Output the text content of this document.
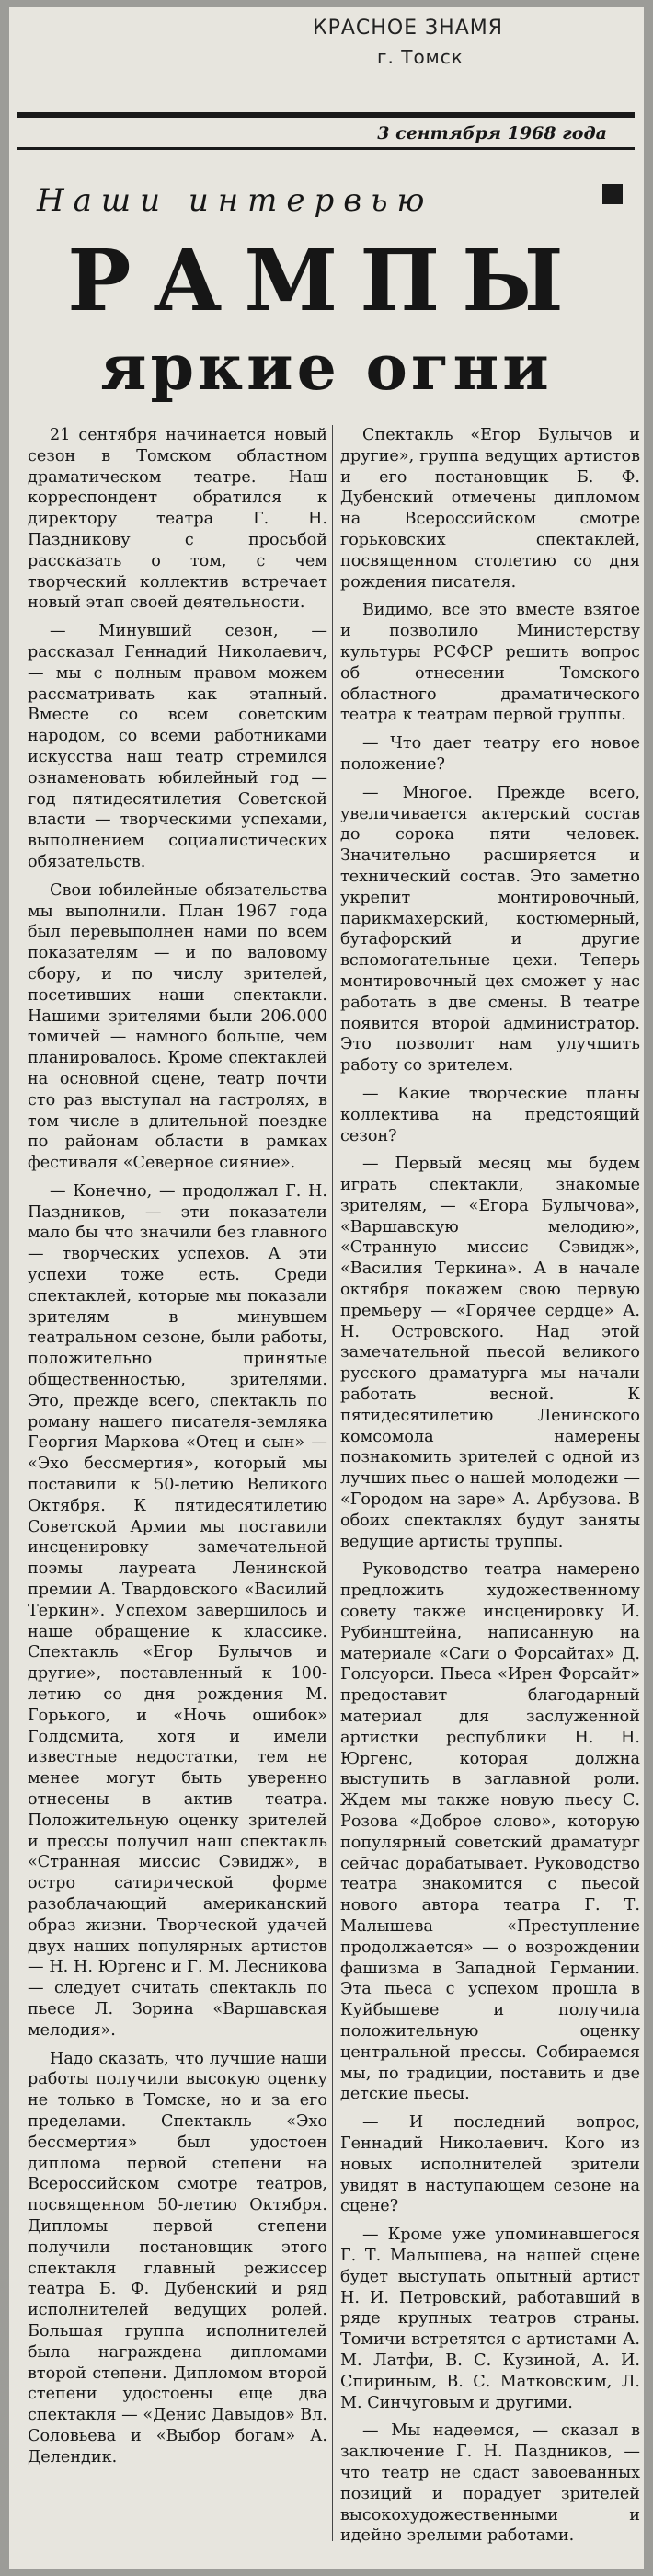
КРАСНОЕ ЗНАМЯ
г. Томск
3 сентября 1968 года
Наши интервью
РАМПЫ
яркие огни

21 сентября начинается новый сезон в Томском областном драматическом театре. Наш корреспондент обратился к директору театра Г. Н. Паздникову с просьбой рассказать о том, с чем творческий коллектив встречает новый этап своей деятельности.

— Минувший сезон, — рассказал Геннадий Николаевич, — мы с полным правом можем рассматривать как этапный. Вместе со всем советским народом, со всеми работниками искусства наш театр стремился ознаменовать юбилейный год — год пятидесятилетия Советской власти — творческими успехами, выполнением социалистических обязательств.

Свои юбилейные обязательства мы выполнили. План 1967 года был перевыполнен нами по всем показателям — и по валовому сбору, и по числу зрителей, посетивших наши спектакли. Нашими зрителями были 206.000 томичей — намного больше, чем планировалось. Кроме спектаклей на основной сцене, театр почти сто раз выступал на гастролях, в том числе в длительной поездке по районам области в рамках фестиваля «Северное сияние».

— Конечно, — продолжал Г. Н. Паздников, — эти показатели мало бы что значили без главного — творческих успехов. А эти успехи тоже есть. Среди спектаклей, которые мы показали зрителям в минувшем театральном сезоне, были работы, положительно принятые общественностью, зрителями. Это, прежде всего, спектакль по роману нашего писателя-земляка Георгия Маркова «Отец и сын» — «Эхо бессмертия», который мы поставили к 50-летию Великого Октября. К пятидесятилетию Советской Армии мы поставили инсценировку замечательной поэмы лауреата Ленинской премии А. Твардовского «Василий Теркин». Успехом завершилось и наше обращение к классике. Спектакль «Егор Булычов и другие», поставленный к 100-летию со дня рождения М. Горького, и «Ночь ошибок» Голдсмита, хотя и имели известные недостатки, тем не менее могут быть уверенно отнесены в актив театра. Положительную оценку зрителей и прессы получил наш спектакль «Странная миссис Сэвидж», в остро сатирической форме разоблачающий американский образ жизни. Творческой удачей двух наших популярных артистов — Н. Н. Юргенс и Г. М. Лесникова — следует считать спектакль по пьесе Л. Зорина «Варшавская мелодия».

Надо сказать, что лучшие наши работы получили высокую оценку не только в Томске, но и за его пределами. Спектакль «Эхо бессмертия» был удостоен диплома первой степени на Всероссийском смотре театров, посвященном 50-летию Октября. Дипломы первой степени получили постановщик этого спектакля главный режиссер театра Б. Ф. Дубенский и ряд исполнителей ведущих ролей. Большая группа исполнителей была награждена дипломами второй степени. Дипломом второй степени удостоены еще два спектакля — «Денис Давыдов» Вл. Соловьева и «Выбор богам» А. Делендик.

Спектакль «Егор Булычов и другие», группа ведущих артистов и его постановщик Б. Ф. Дубенский отмечены дипломом на Всероссийском смотре горьковских спектаклей, посвященном столетию со дня рождения писателя.

Видимо, все это вместе взятое и позволило Министерству культуры РСФСР решить вопрос об отнесении Томского областного драматического театра к театрам первой группы.

— Что дает театру его новое положение?

— Многое. Прежде всего, увеличивается актерский состав до сорока пяти человек. Значительно расширяется и технический состав. Это заметно укрепит монтировочный, парикмахерский, костюмерный, бутафорский и другие вспомогательные цехи. Теперь монтировочный цех сможет у нас работать в две смены. В театре появится второй администратор. Это позволит нам улучшить работу со зрителем.

— Какие творческие планы коллектива на предстоящий сезон?

— Первый месяц мы будем играть спектакли, знакомые зрителям, — «Егора Булычова», «Варшавскую мелодию», «Странную миссис Сэвидж», «Василия Теркина». А в начале октября покажем свою первую премьеру — «Горячее сердце» А. Н. Островского. Над этой замечательной пьесой великого русского драматурга мы начали работать весной. К пятидесятилетию Ленинского комсомола намерены познакомить зрителей с одной из лучших пьес о нашей молодежи — «Городом на заре» А. Арбузова. В обоих спектаклях будут заняты ведущие артисты труппы.

Руководство театра намерено предложить художественному совету также инсценировку И. Рубинштейна, написанную на материале «Саги о Форсайтах» Д. Голсуорси. Пьеса «Ирен Форсайт» предоставит благодарный материал для заслуженной артистки республики Н. Н. Юргенс, которая должна выступить в заглавной роли. Ждем мы также новую пьесу С. Розова «Доброе слово», которую популярный советский драматург сейчас дорабатывает. Руководство театра знакомится с пьесой нового автора театра Г. Т. Малышева «Преступление продолжается» — о возрождении фашизма в Западной Германии. Эта пьеса с успехом прошла в Куйбышеве и получила положительную оценку центральной прессы. Собираемся мы, по традиции, поставить и две детские пьесы.

— И последний вопрос, Геннадий Николаевич. Кого из новых исполнителей зрители увидят в наступающем сезоне на сцене?

— Кроме уже упоминавшегося Г. Т. Малышева, на нашей сцене будет выступать опытный артист Н. И. Петровский, работавший в ряде крупных театров страны. Томичи встретятся с артистами А. М. Латфи, В. С. Кузиной, А. И. Спириным, В. С. Матковским, Л. М. Синчуговым и другими.

— Мы надеемся, — сказал в заключение Г. Н. Паздников, — что театр не сдаст завоеванных позиций и порадует зрителей высокохудожественными и идейно зрелыми работами.
